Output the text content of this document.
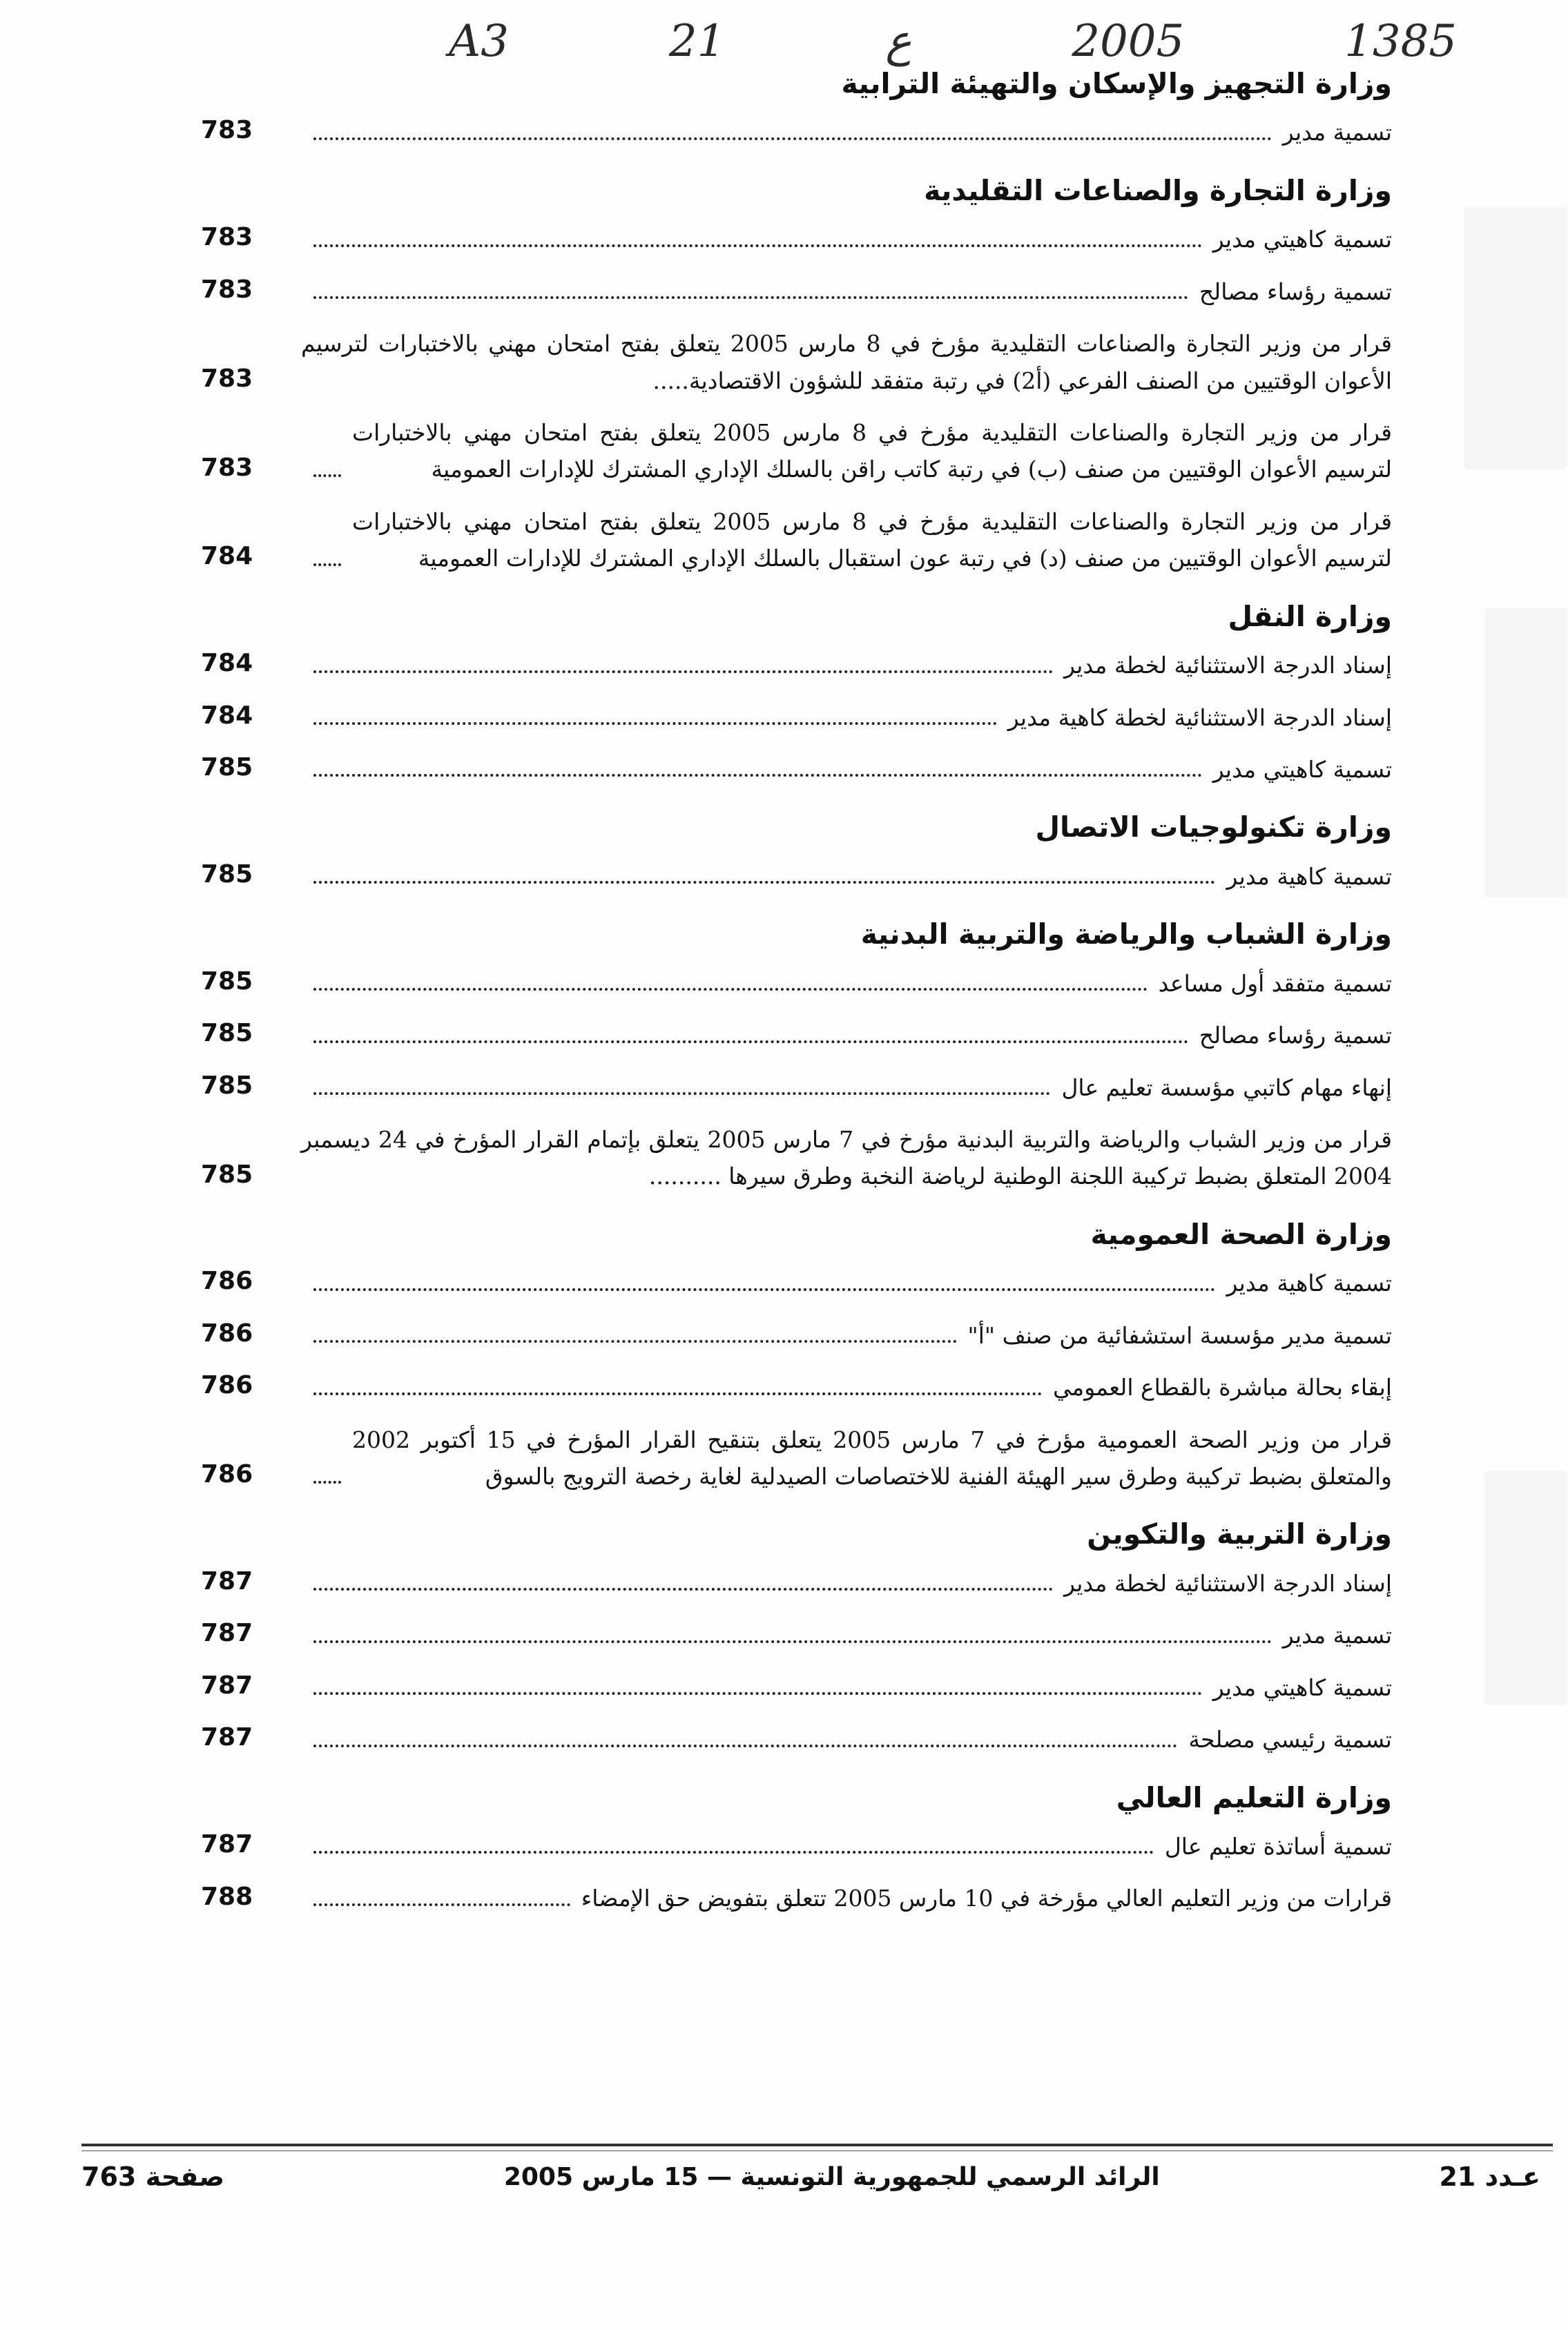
A3	21	ع	2005	1385
وزارة التجهيز والإسكان والتهيئة الترابية
تسمية مدير
783
وزارة التجارة والصناعات التقليدية
تسمية كاهيتي مدير
783
تسمية رؤساء مصالح
783
قرار من وزير التجارة والصناعات التقليدية مؤرخ في 8 مارس 2005 يتعلق بفتح امتحان مهني بالاختبارات لترسيم الأعوان الوقتيين من الصنف الفرعي (أ2) في رتبة متفقد للشؤون الاقتصادية.....
783
قرار من وزير التجارة والصناعات التقليدية مؤرخ في 8 مارس 2005 يتعلق بفتح امتحان مهني بالاختبارات لترسيم الأعوان الوقتيين من صنف (ب) في رتبة كاتب راقن بالسلك الإداري المشترك للإدارات العمومية
783
قرار من وزير التجارة والصناعات التقليدية مؤرخ في 8 مارس 2005 يتعلق بفتح امتحان مهني بالاختبارات لترسيم الأعوان الوقتيين من صنف (د) في رتبة عون استقبال بالسلك الإداري المشترك للإدارات العمومية
784
وزارة النقل
إسناد الدرجة الاستثنائية لخطة مدير
784
إسناد الدرجة الاستثنائية لخطة كاهية مدير
784
تسمية كاهيتي مدير
785
وزارة تكنولوجيات الاتصال
تسمية كاهية مدير
785
وزارة الشباب والرياضة والتربية البدنية
تسمية متفقد أول مساعد
785
تسمية رؤساء مصالح
785
إنهاء مهام كاتبي مؤسسة تعليم عال
785
قرار من وزير الشباب والرياضة والتربية البدنية مؤرخ في 7 مارس 2005 يتعلق بإتمام القرار المؤرخ في 24 ديسمبر 2004 المتعلق بضبط تركيبة اللجنة الوطنية لرياضة النخبة وطرق سيرها ..........
785
وزارة الصحة العمومية
تسمية كاهية مدير
786
تسمية مدير مؤسسة استشفائية من صنف "أ"
786
إبقاء بحالة مباشرة بالقطاع العمومي
786
قرار من وزير الصحة العمومية مؤرخ في 7 مارس 2005 يتعلق بتنقيح القرار المؤرخ في 15 أكتوبر 2002 والمتعلق بضبط تركيبة وطرق سير الهيئة الفنية للاختصاصات الصيدلية لغاية رخصة الترويج بالسوق
786
وزارة التربية والتكوين
إسناد الدرجة الاستثنائية لخطة مدير
787
تسمية مدير
787
تسمية كاهيتي مدير
787
تسمية رئيسي مصلحة
787
وزارة التعليم العالي
تسمية أساتذة تعليم عال
787
قرارات من وزير التعليم العالي مؤرخة في 10 مارس 2005 تتعلق بتفويض حق الإمضاء
788
عـدد 21
الرائد الرسمي للجمهورية التونسية — 15 مارس 2005
صفحة 763
